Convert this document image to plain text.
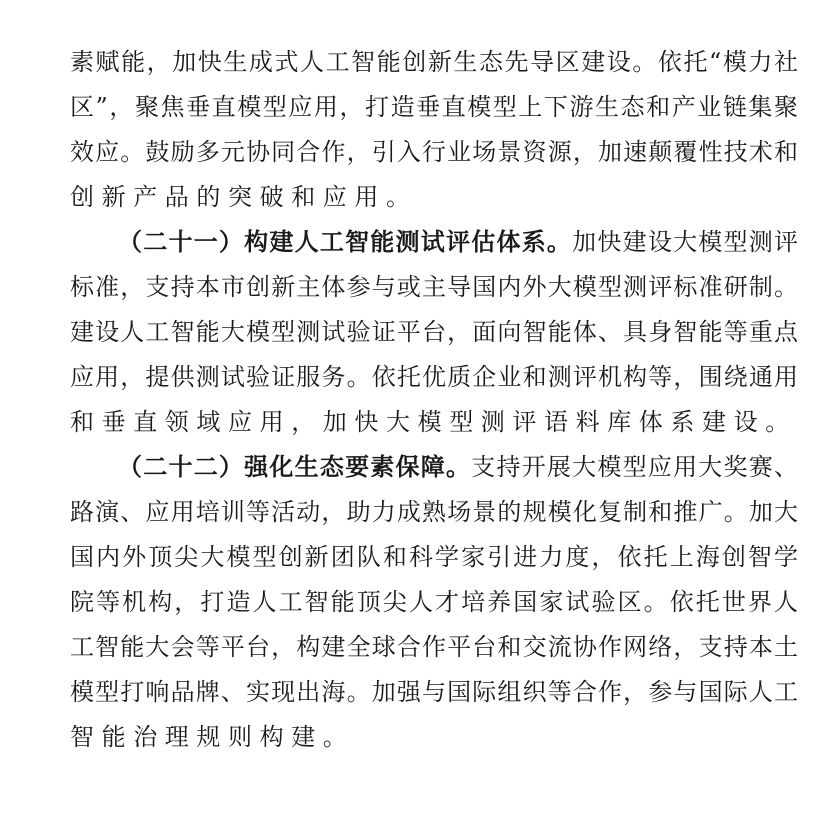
素赋能，加快生成式人工智能创新生态先导区建设。依托“模力社
区”，聚焦垂直模型应用，打造垂直模型上下游生态和产业链集聚
效应。鼓励多元协同合作，引入行业场景资源，加速颠覆性技术和
创新产品的突破和应用。
（二十一）构建人工智能测试评估体系。加快建设大模型测评
标准，支持本市创新主体参与或主导国内外大模型测评标准研制。
建设人工智能大模型测试验证平台，面向智能体、具身智能等重点
应用，提供测试验证服务。依托优质企业和测评机构等，围绕通用
和垂直领域应用，加快大模型测评语料库体系建设。
（二十二）强化生态要素保障。支持开展大模型应用大奖赛、
路演、应用培训等活动，助力成熟场景的规模化复制和推广。加大
国内外顶尖大模型创新团队和科学家引进力度，依托上海创智学
院等机构，打造人工智能顶尖人才培养国家试验区。依托世界人
工智能大会等平台，构建全球合作平台和交流协作网络，支持本土
模型打响品牌、实现出海。加强与国际组织等合作，参与国际人工
智能治理规则构建。
